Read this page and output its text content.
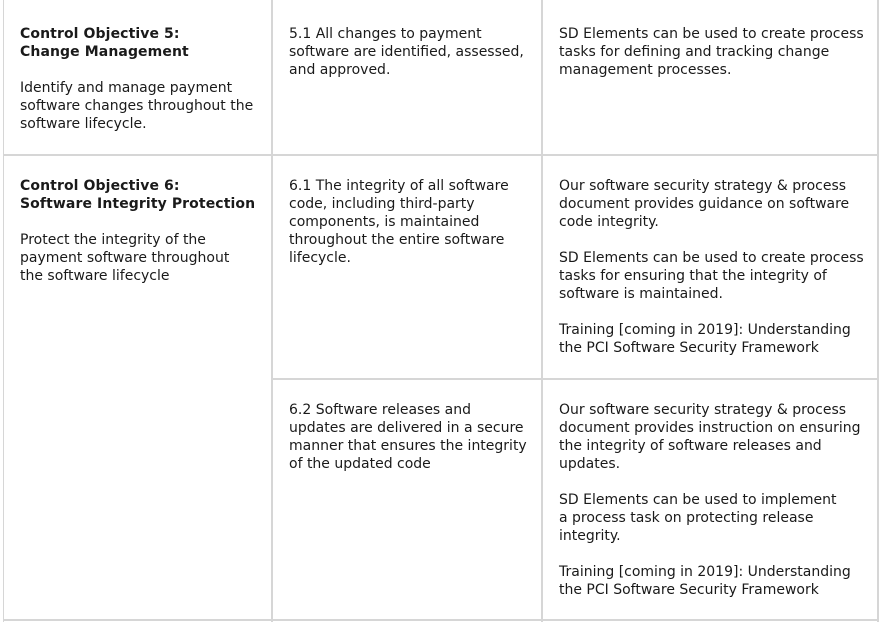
Control Objective 5:

Change Management

Identify and manage payment
software changes throughout the
software lifecycle.

5.1 All changes to payment
software are identified, assessed,
and approved.

SD Elements can be used to create process
tasks for defining and tracking change
management processes.

Control Objective 6:

Software Integrity Protection

Protect the integrity of the
payment software throughout
the software lifecycle

6.1 The integrity of all software
code, including third-party
components, is maintained
throughout the entire software
lifecycle.

Our software security strategy & process
document provides guidance on software
code integrity.

SD Elements can be used to create process
tasks for ensuring that the integrity of
software is maintained.

Training [coming in 2019]: Understanding
the PCI Software Security Framework

6.2 Software releases and
updates are delivered in a secure
manner that ensures the integrity
of the updated code

Our software security strategy & process
document provides instruction on ensuring
the integrity of software releases and
updates.

SD Elements can be used to implement
a process task on protecting release
integrity.

Training [coming in 2019]: Understanding
the PCI Software Security Framework
